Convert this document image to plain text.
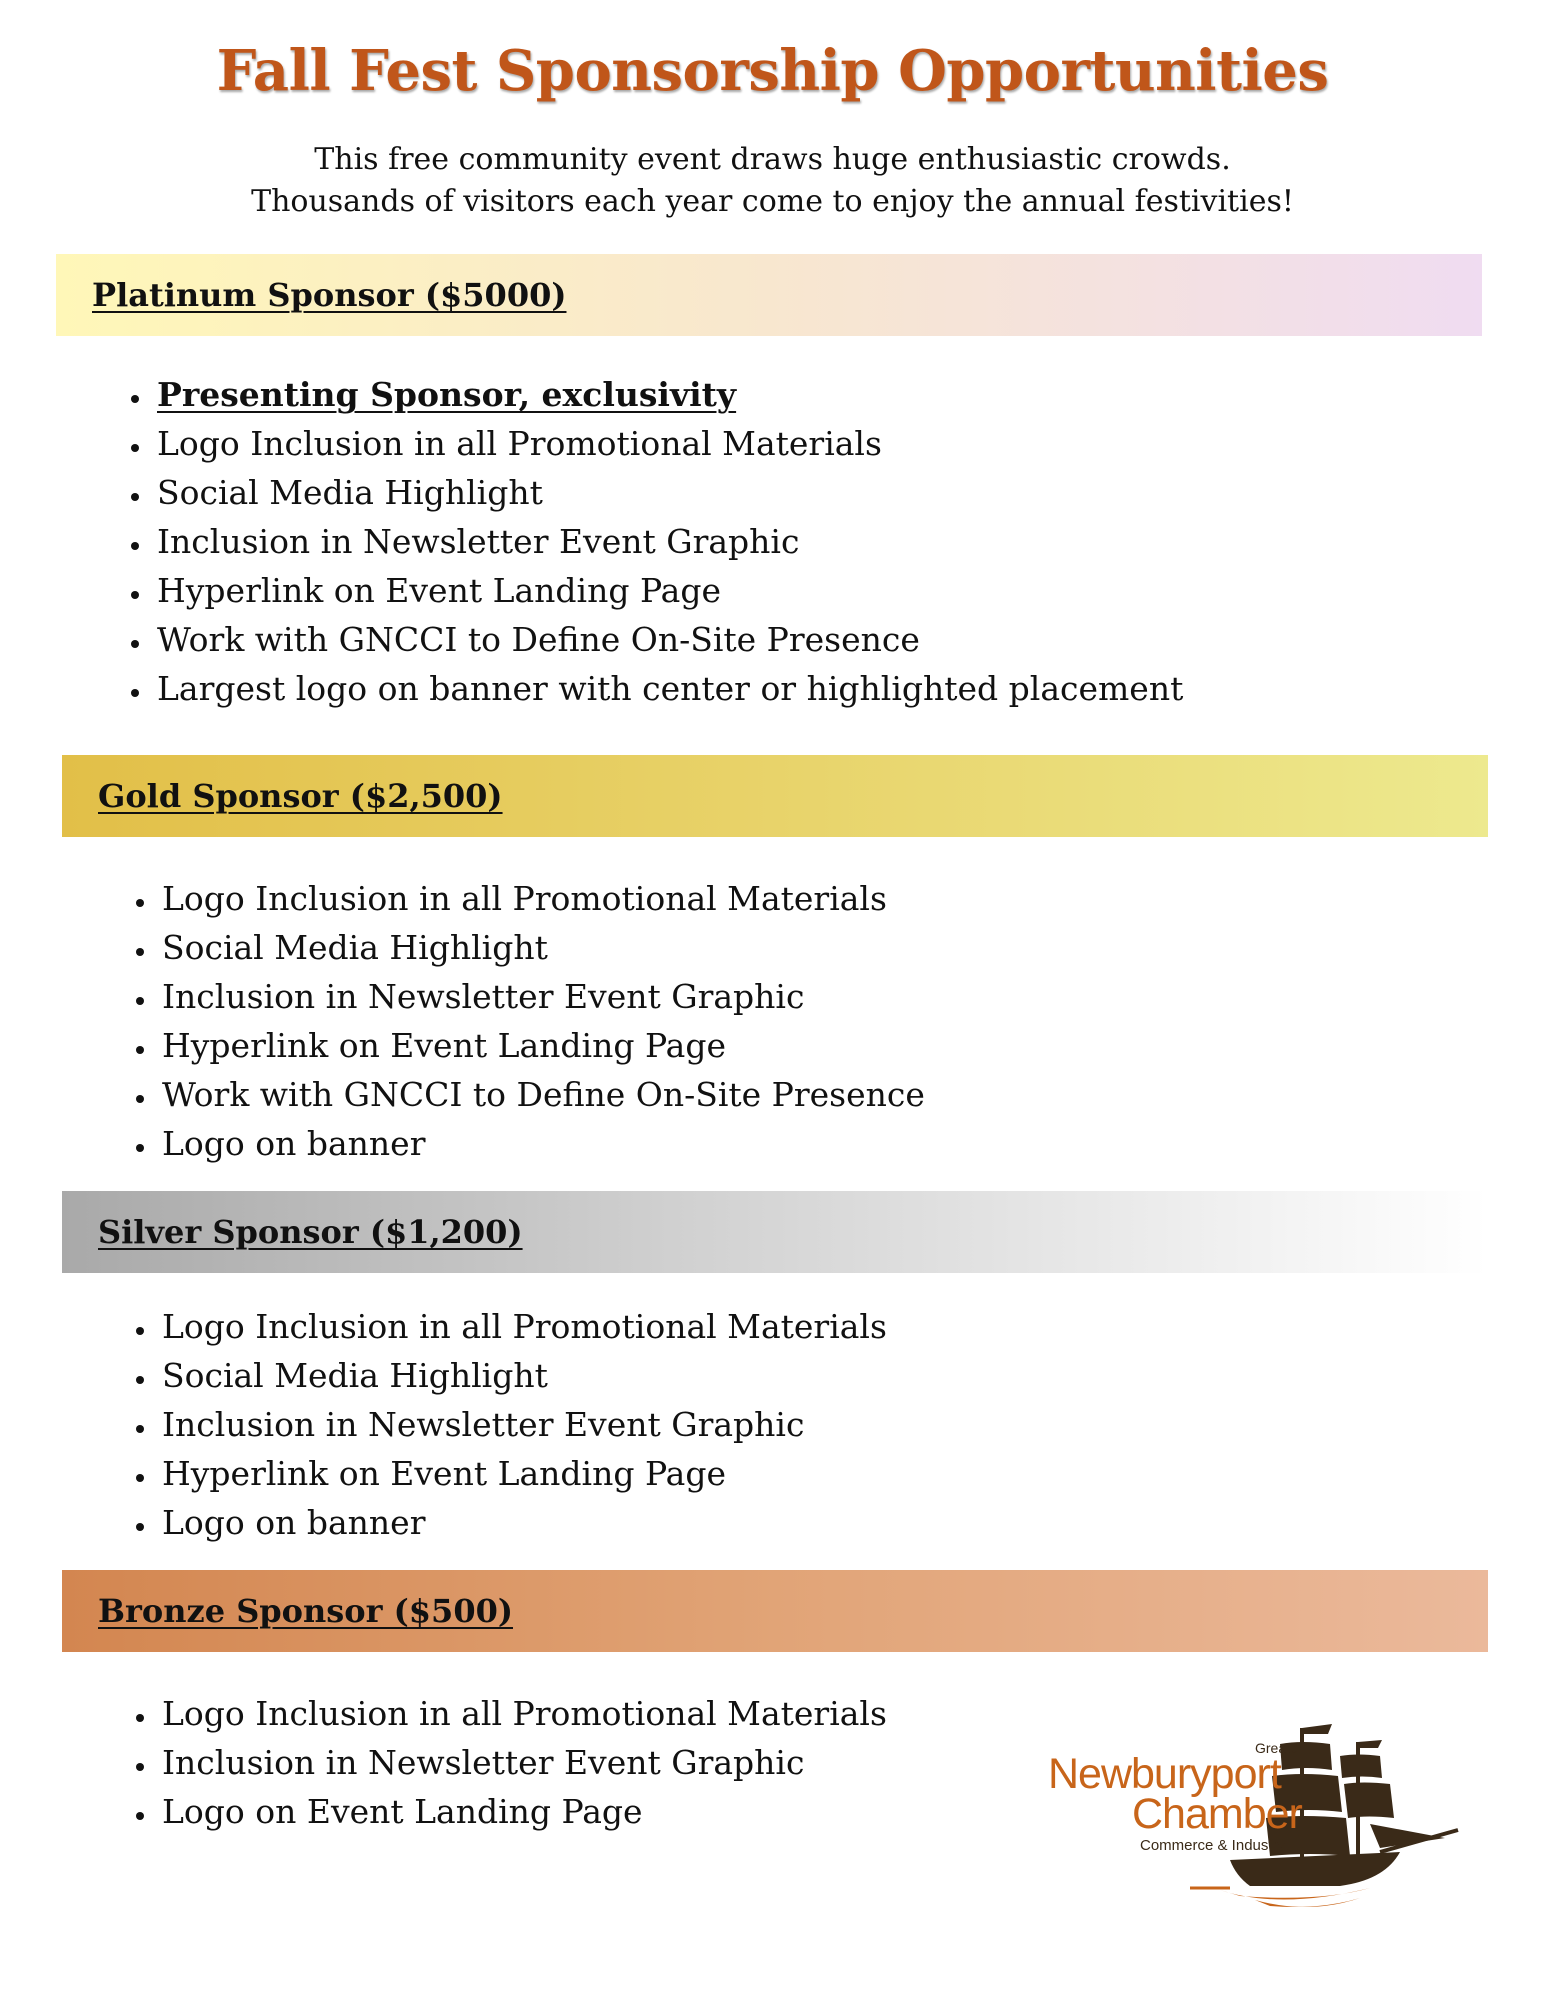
Fall Fest Sponsorship Opportunities

This free community event draws huge enthusiastic crowds.

Thousands of visitors each year come to enjoy the annual festivities!

Platinum Sponsor ($5000)
• Presenting Sponsor, exclusivity
• Logo Inclusion in all Promotional Materials
• Social Media Highlight
• Inclusion in Newsletter Event Graphic
• Hyperlink on Event Landing Page
• Work with GNCCI to Define On-Site Presence
• Largest logo on banner with center or highlighted placement
Gold Sponsor ($2,500)
• Logo Inclusion in all Promotional Materials
• Social Media Highlight
• Inclusion in Newsletter Event Graphic
• Hyperlink on Event Landing Page
• Work with GNCCI to Define On-Site Presence
• Logo on banner
Silver Sponsor ($1,200)
• Logo Inclusion in all Promotional Materials
• Social Media Highlight
• Inclusion in Newsletter Event Graphic
• Hyperlink on Event Landing Page
• Logo on banner
Bronze Sponsor ($500)
• Logo Inclusion in all Promotional Materials
• Inclusion in Newsletter Event Graphic
• Logo on Event Landing Page
Greater
Newburyport
Chamber
Commerce & Industry
